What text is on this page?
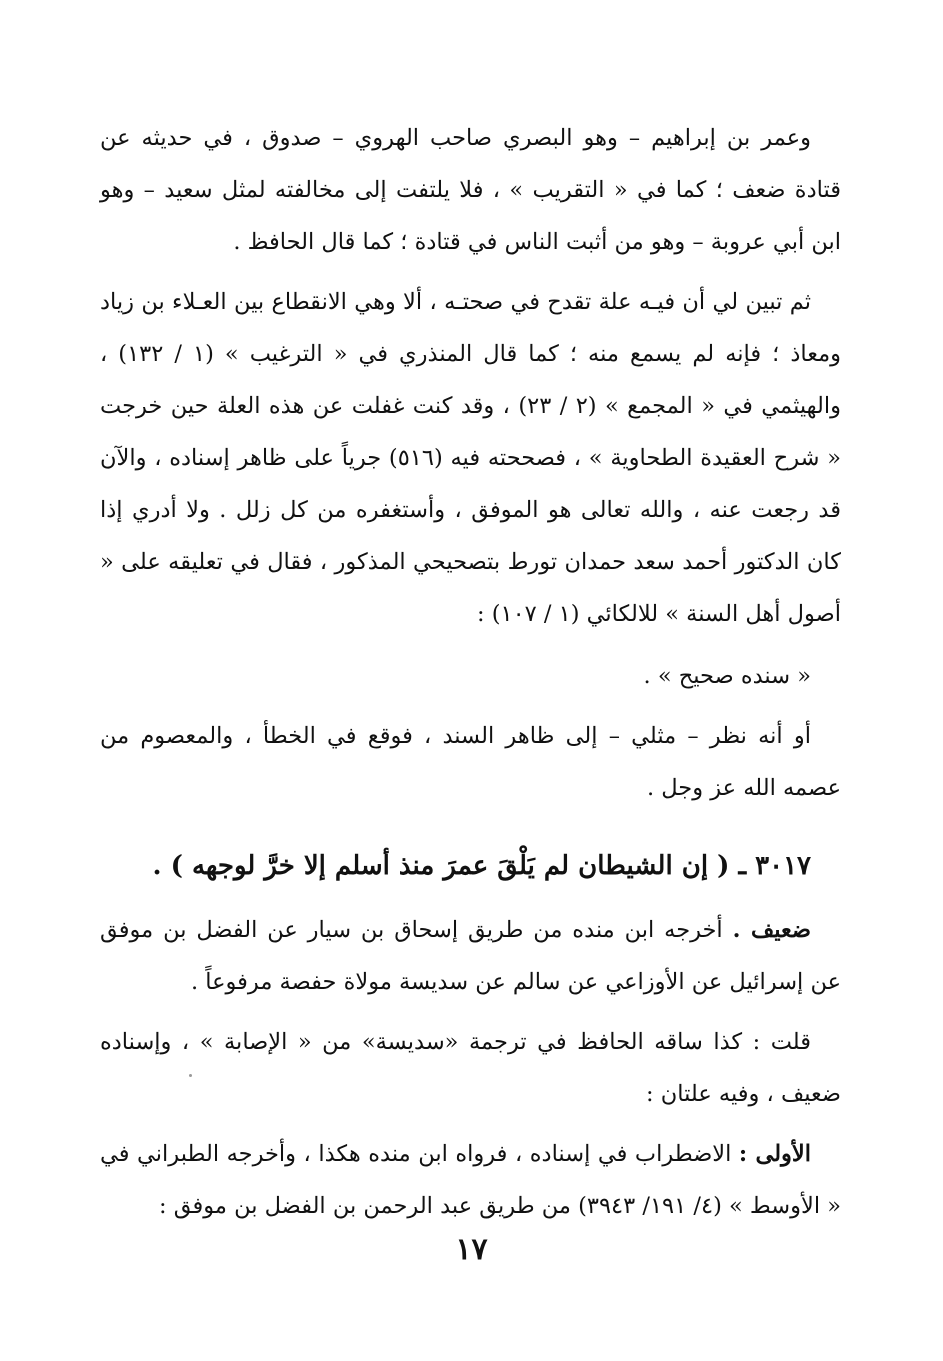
وعمر بن إبراهيم – وهو البصري صاحب الهروي – صدوق ، في حديثه عن قتادة ضعف ؛ كما في « التقريب » ، فلا يلتفت إلى مخالفته لمثل سعيد – وهو ابن أبي عروبة – وهو من أثبت الناس في قتادة ؛ كما قال الحافظ .

ثم تبين لي أن فيـه علة تقدح في صحتـه ، ألا وهي الانقطاع بين العـلاء بن زياد ومعاذ ؛ فإنه لم يسمع منه ؛ كما قال المنذري في « الترغيب » (١ / ١٣٢) ، والهيثمي في « المجمع » (٢ / ٢٣) ، وقد كنت غفلت عن هذه العلة حين خرجت « شرح العقيدة الطحاوية » ، فصححته فيه (٥١٦) جرياً على ظاهر إسناده ، والآن قد رجعت عنه ، والله تعالى هو الموفق ، وأستغفره من كل زلل . ولا أدري إذا كان الدكتور أحمد سعد حمدان تورط بتصحيحي المذكور ، فقال في تعليقه على « أصول أهل السنة » للالكائي (١ / ١٠٧) :

« سنده صحيح » .

أو أنه نظر – مثلي – إلى ظاهر السند ، فوقع في الخطأ ، والمعصوم من عصمه الله عز وجل .

٣٠١٧ ـ ( إن الشيطان لم يَلْقَ عمرَ منذ أسلم إلا خرَّ لوجهه ) .

ضعيف . أخرجه ابن منده من طريق إسحاق بن سيار عن الفضل بن موفق عن إسرائيل عن الأوزاعي عن سالم عن سديسة مولاة حفصة مرفوعاً .

قلت : كذا ساقه الحافظ في ترجمة «سديسة» من « الإصابة » ، وإسناده ضعيف ، وفيه علتان :

الأولى : الاضطراب في إسناده ، فرواه ابن منده هكذا ، وأخرجه الطبراني في « الأوسط » (٤/ ١٩١/ ٣٩٤٣) من طريق عبد الرحمن بن الفضل بن موفق :

١٧
